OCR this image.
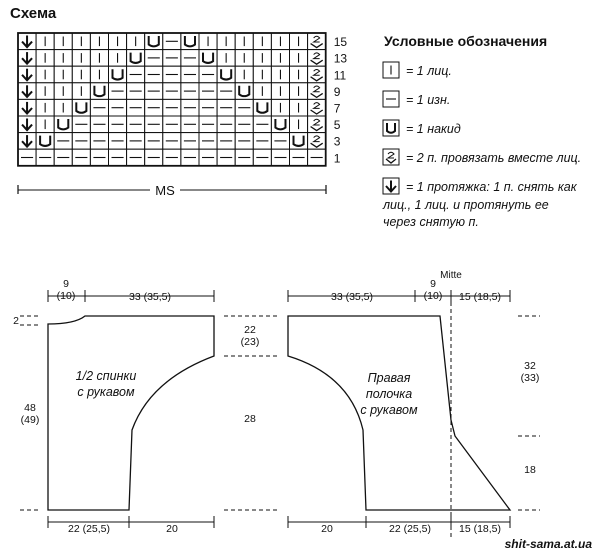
Схема
15
13
11
9
7
5
3
1
MS
Условные обозначения
= 1 лиц.
= 1 изн.
= 1 накид
= 2 п. провязать вместе лиц.
= 1 протяжка: 1 п. снять как
лиц., 1 лиц. и протянуть ее
через снятую п.
9
(10)	33 (35,5)	33 (35,5)
9
(10) 15 (18,5)
Mitte
2
48
(49)
22
(23)
28
32
(33)
18
22 (25,5)	20	20	22 (25,5)	15 (18,5)
1/2 спинки
с рукавом
Правая
полочка
с рукавом
shit-sama.at.ua
